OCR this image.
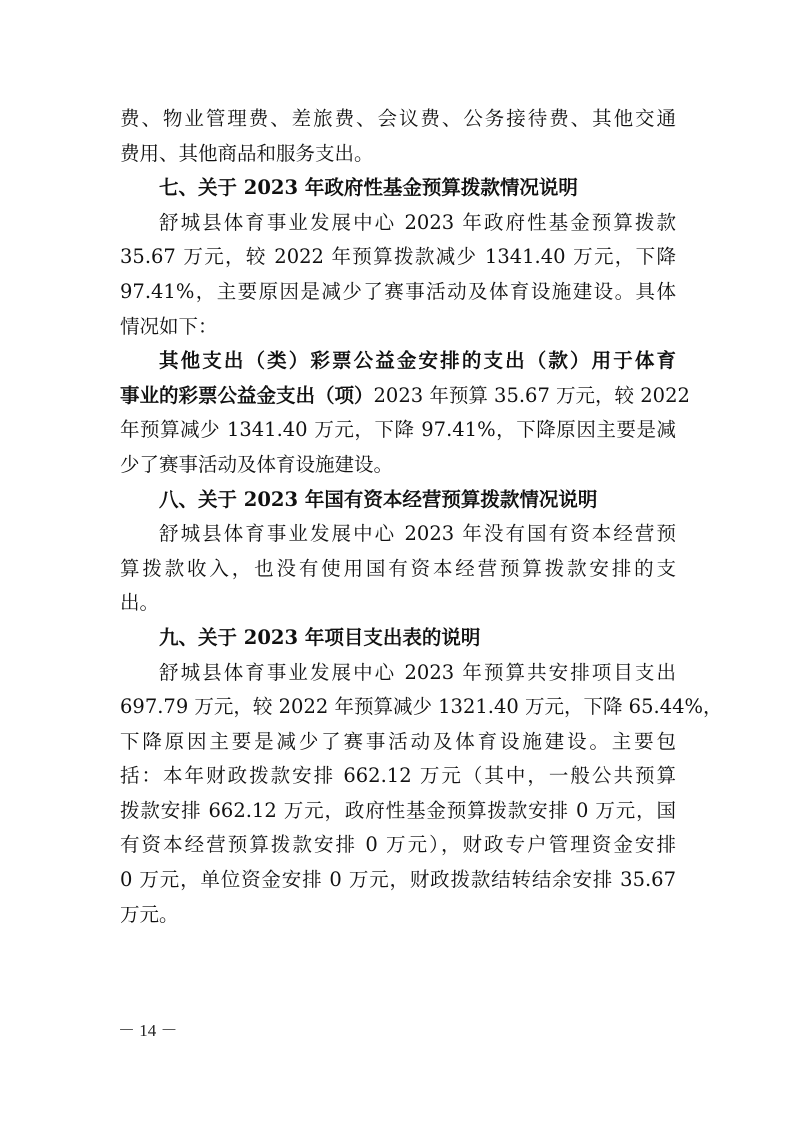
费、物业管理费、差旅费、会议费、公务接待费、其他交通
费用、其他商品和服务支出。
七、关于 2023 年政府性基金预算拨款情况说明
舒城县体育事业发展中心 2023 年政府性基金预算拨款
35.67 万元，较 2022 年预算拨款减少 1341.40 万元，下降
97.41%，主要原因是减少了赛事活动及体育设施建设。具体
情况如下：
其他支出（类）彩票公益金安排的支出（款）用于体育
事业的彩票公益金支出（项）2023 年预算 35.67 万元，较 2022
年预算减少 1341.40 万元，下降 97.41%，下降原因主要是减
少了赛事活动及体育设施建设。
八、关于 2023 年国有资本经营预算拨款情况说明
舒城县体育事业发展中心 2023 年没有国有资本经营预
算拨款收入，也没有使用国有资本经营预算拨款安排的支
出。
九、关于 2023 年项目支出表的说明
舒城县体育事业发展中心 2023 年预算共安排项目支出
697.79 万元，较 2022 年预算减少 1321.40 万元，下降 65.44%，
下降原因主要是减少了赛事活动及体育设施建设。主要包
括：本年财政拨款安排 662.12 万元（其中，一般公共预算
拨款安排 662.12 万元，政府性基金预算拨款安排 0 万元，国
有资本经营预算拨款安排 0 万元），财政专户管理资金安排
0 万元，单位资金安排 0 万元，财政拨款结转结余安排 35.67
万元。
－ 14 －
